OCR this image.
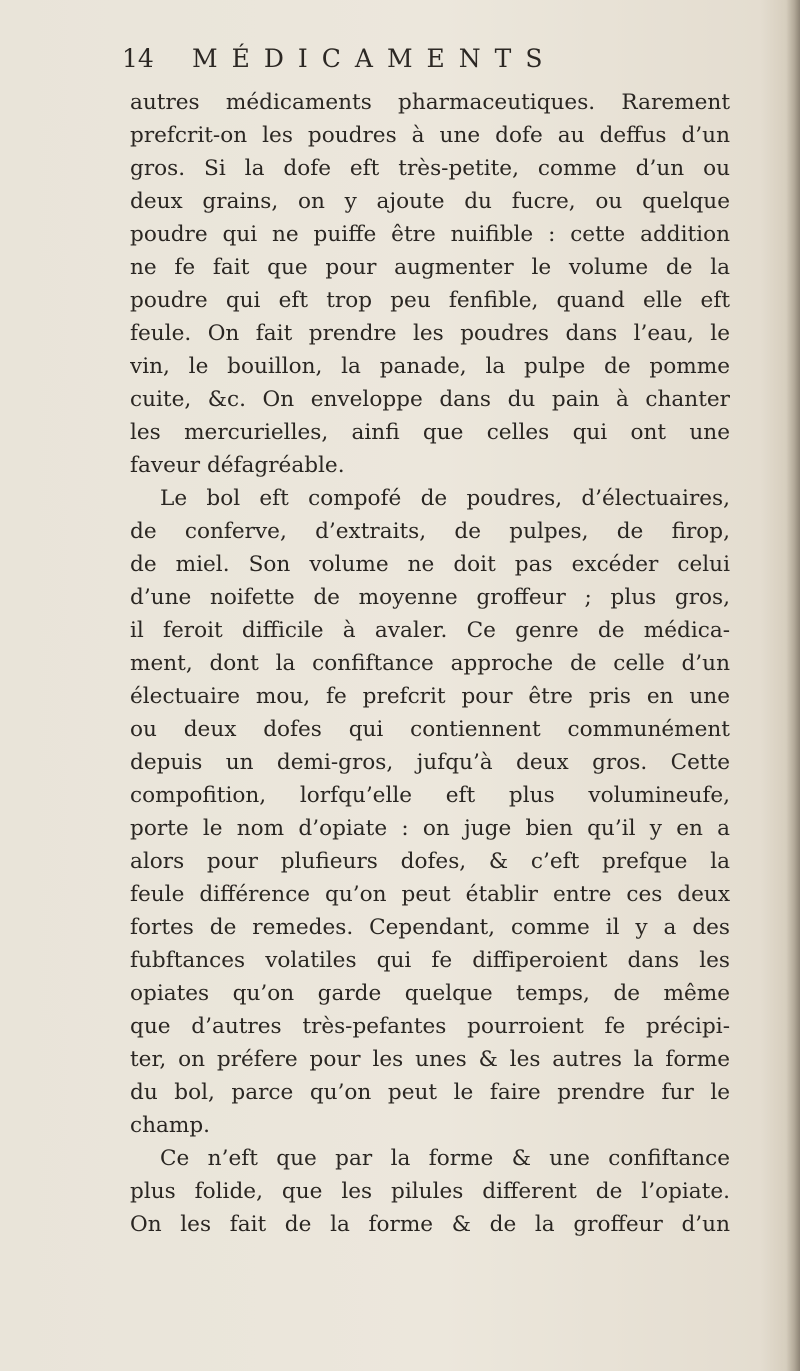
14	MÉDICAMENTS
autres médicaments pharmaceutiques. Rarement
prefcrit-on les poudres à une dofe au deffus d’un
gros. Si la dofe eft très-petite, comme d’un ou
deux grains, on y ajoute du fucre, ou quelque
poudre qui ne puiffe être nuifible : cette addition
ne fe fait que pour augmenter le volume de la
poudre qui eft trop peu fenfible, quand elle eft
feule. On fait prendre les poudres dans l’eau, le
vin, le bouillon, la panade, la pulpe de pomme
cuite, &c. On enveloppe dans du pain à chanter
les mercurielles, ainfi que celles qui ont une
faveur défagréable.
Le bol eft compofé de poudres, d’électuaires,
de conferve, d’extraits, de pulpes, de firop,
de miel. Son volume ne doit pas excéder celui
d’une noifette de moyenne groffeur ; plus gros,
il feroit difficile à avaler. Ce genre de médica-
ment, dont la confiftance approche de celle d’un
électuaire mou, fe prefcrit pour être pris en une
ou deux dofes qui contiennent communément
depuis un demi-gros, jufqu’à deux gros. Cette
compofition, lorfqu’elle eft plus volumineufe,
porte le nom d’opiate : on juge bien qu’il y en a
alors pour plufieurs dofes, & c’eft prefque la
feule différence qu’on peut établir entre ces deux
fortes de remedes. Cependant, comme il y a des
fubftances volatiles qui fe diffiperoient dans les
opiates qu’on garde quelque temps, de même
que d’autres très-pefantes pourroient fe précipi-
ter, on préfere pour les unes & les autres la forme
du bol, parce qu’on peut le faire prendre fur le
champ.
Ce n’eft que par la forme & une confiftance
plus folide, que les pilules different de l’opiate.
On les fait de la forme & de la groffeur d’un
